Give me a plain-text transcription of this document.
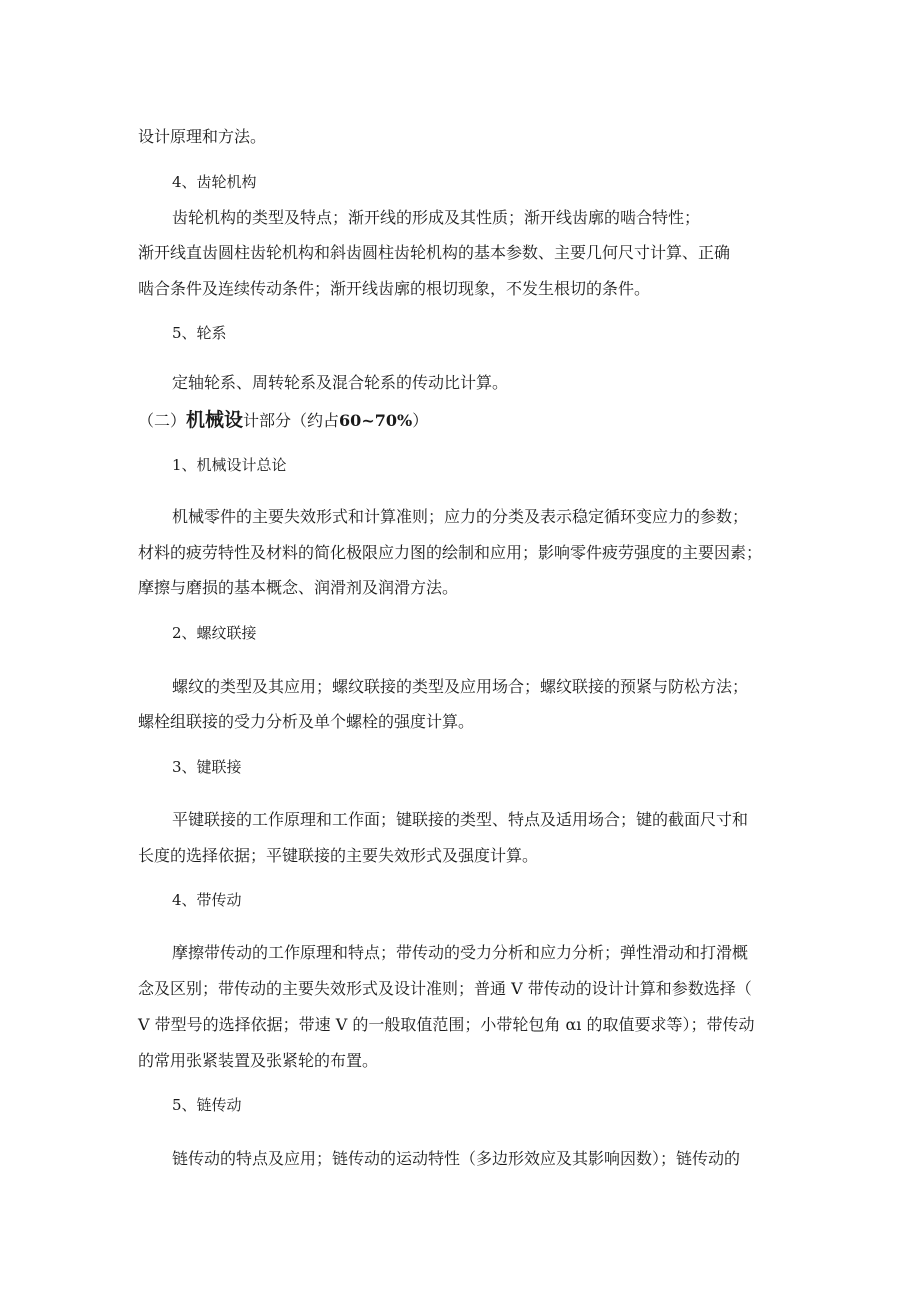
设计原理和方法。
4、齿轮机构
齿轮机构的类型及特点；渐开线的形成及其性质；渐开线齿廓的啮合特性；
渐开线直齿圆柱齿轮机构和斜齿圆柱齿轮机构的基本参数、主要几何尺寸计算、正确
啮合条件及连续传动条件；渐开线齿廓的根切现象，不发生根切的条件。
5、轮系
定轴轮系、周转轮系及混合轮系的传动比计算。
（二）机械设计部分（约占60~70%）
1、机械设计总论
机械零件的主要失效形式和计算准则；应力的分类及表示稳定循环变应力的参数；
材料的疲劳特性及材料的简化极限应力图的绘制和应用；影响零件疲劳强度的主要因素；
摩擦与磨损的基本概念、润滑剂及润滑方法。
2、螺纹联接
螺纹的类型及其应用；螺纹联接的类型及应用场合；螺纹联接的预紧与防松方法；
螺栓组联接的受力分析及单个螺栓的强度计算。
3、键联接
平键联接的工作原理和工作面；键联接的类型、特点及适用场合；键的截面尺寸和
长度的选择依据；平键联接的主要失效形式及强度计算。
4、带传动
摩擦带传动的工作原理和特点；带传动的受力分析和应力分析；弹性滑动和打滑概
念及区别；带传动的主要失效形式及设计准则；普通 V 带传动的设计计算和参数选择（
V 带型号的选择依据；带速 V 的一般取值范围；小带轮包角 αı 的取值要求等）；带传动
的常用张紧装置及张紧轮的布置。
5、链传动
链传动的特点及应用；链传动的运动特性（多边形效应及其影响因数）；链传动的
